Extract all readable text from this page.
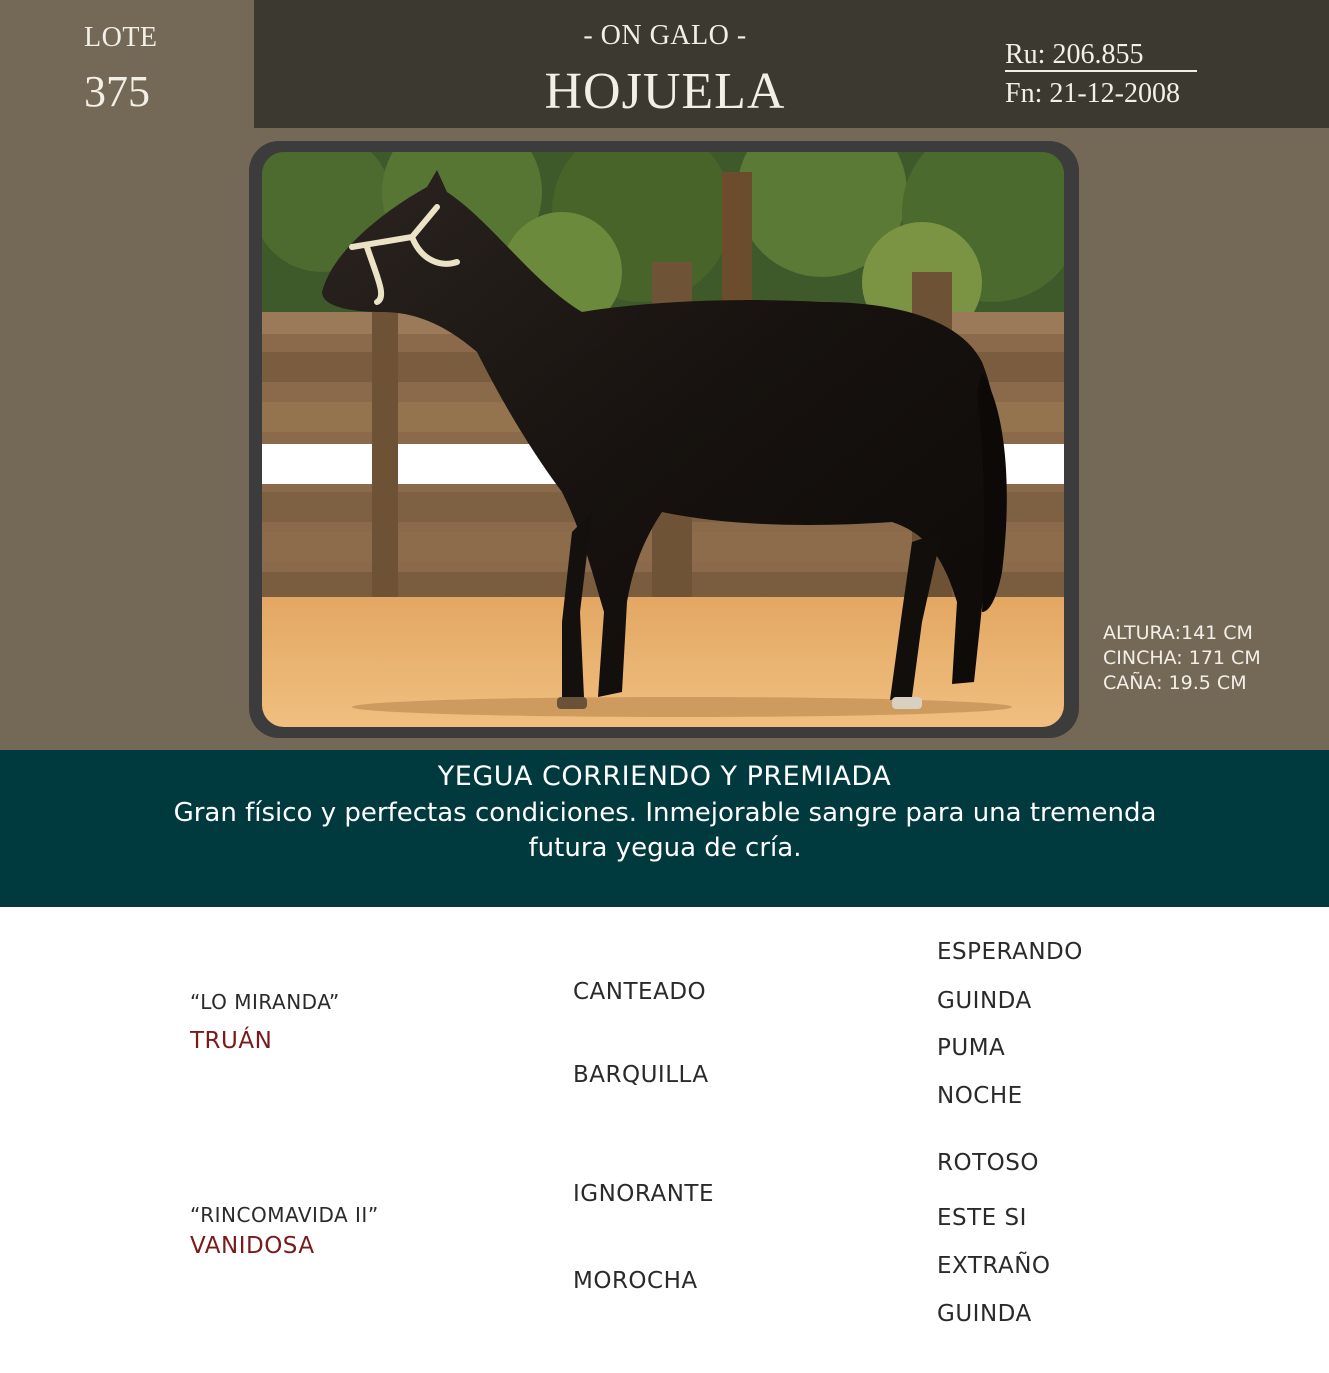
LOTE
375
- ON GALO -
HOJUELA
Ru: 206.855
Fn: 21-12-2008
ALTURA:141 CM
CINCHA: 171 CM
CAÑA: 19.5 CM
YEGUA CORRIENDO Y PREMIADA
Gran físico y perfectas condiciones. Inmejorable sangre para una tremenda futura yegua de cría.
“LO MIRANDA”
TRUÁN
CANTEADO
BARQUILLA
ESPERANDO
GUINDA
PUMA
NOCHE
“RINCOMAVIDA II”
VANIDOSA
IGNORANTE
MOROCHA
ROTOSO
ESTE SI
EXTRAÑO
GUINDA
